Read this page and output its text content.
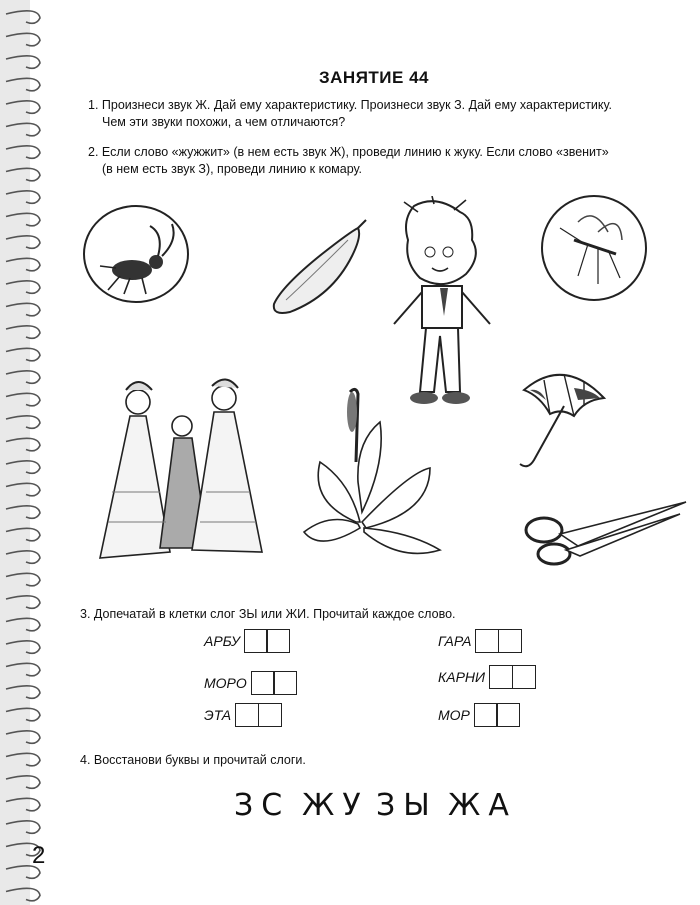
ЗАНЯТИЕ 44
1. Произнеси звук Ж. Дай ему характеристику. Произнеси звук З. Дай ему характеристику.
Чем эти звуки похожи, а чем отличаются?
2. Если слово «жужжит» (в нем есть звук Ж), проведи линию к жуку. Если слово «звенит»
(в нем есть звук З), проведи линию к комару.
3. Допечатай в клетки слог ЗЫ или ЖИ. Прочитай каждое слово.
АРБУ
МОРО
ЭТА
ГАРА
КАРНИ
МОР
4. Восстанови буквы и прочитай слоги.
ЗС ЖУ ЗЫ ЖА
2
